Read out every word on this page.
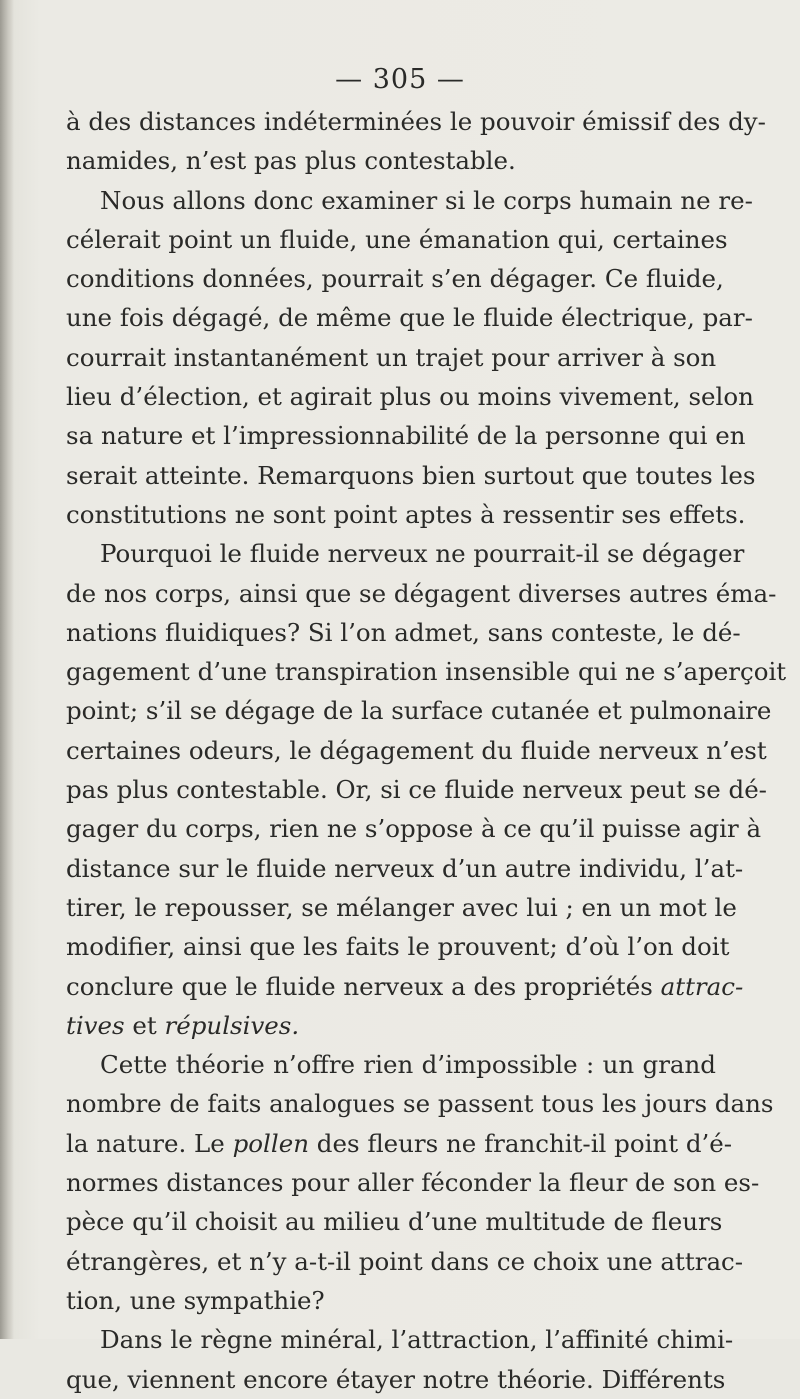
— 305 —
à des distances indéterminées le pouvoir émissif des dy-
namides, n’est pas plus contestable.
Nous allons donc examiner si le corps humain ne re-
célerait point un fluide, une émanation qui, certaines
conditions données, pourrait s’en dégager. Ce fluide,
une fois dégagé, de même que le fluide électrique, par-
courrait instantanément un trajet pour arriver à son
lieu d’élection, et agirait plus ou moins vivement, selon
sa nature et l’impressionnabilité de la personne qui en
serait atteinte. Remarquons bien surtout que toutes les
constitutions ne sont point aptes à ressentir ses effets.
Pourquoi le fluide nerveux ne pourrait-il se dégager
de nos corps, ainsi que se dégagent diverses autres éma-
nations fluidiques? Si l’on admet, sans conteste, le dé-
gagement d’une transpiration insensible qui ne s’aperçoit
point; s’il se dégage de la surface cutanée et pulmonaire
certaines odeurs, le dégagement du fluide nerveux n’est
pas plus contestable. Or, si ce fluide nerveux peut se dé-
gager du corps, rien ne s’oppose à ce qu’il puisse agir à
distance sur le fluide nerveux d’un autre individu, l’at-
tirer, le repousser, se mélanger avec lui ; en un mot le
modifier, ainsi que les faits le prouvent; d’où l’on doit
conclure que le fluide nerveux a des propriétés attrac-
tives et répulsives.
Cette théorie n’offre rien d’impossible : un grand
nombre de faits analogues se passent tous les jours dans
la nature. Le pollen des fleurs ne franchit-il point d’é-
normes distances pour aller féconder la fleur de son es-
pèce qu’il choisit au milieu d’une multitude de fleurs
étrangères, et n’y a-t-il point dans ce choix une attrac-
tion, une sympathie?
Dans le règne minéral, l’attraction, l’affinité chimi-
que, viennent encore étayer notre théorie. Différents
